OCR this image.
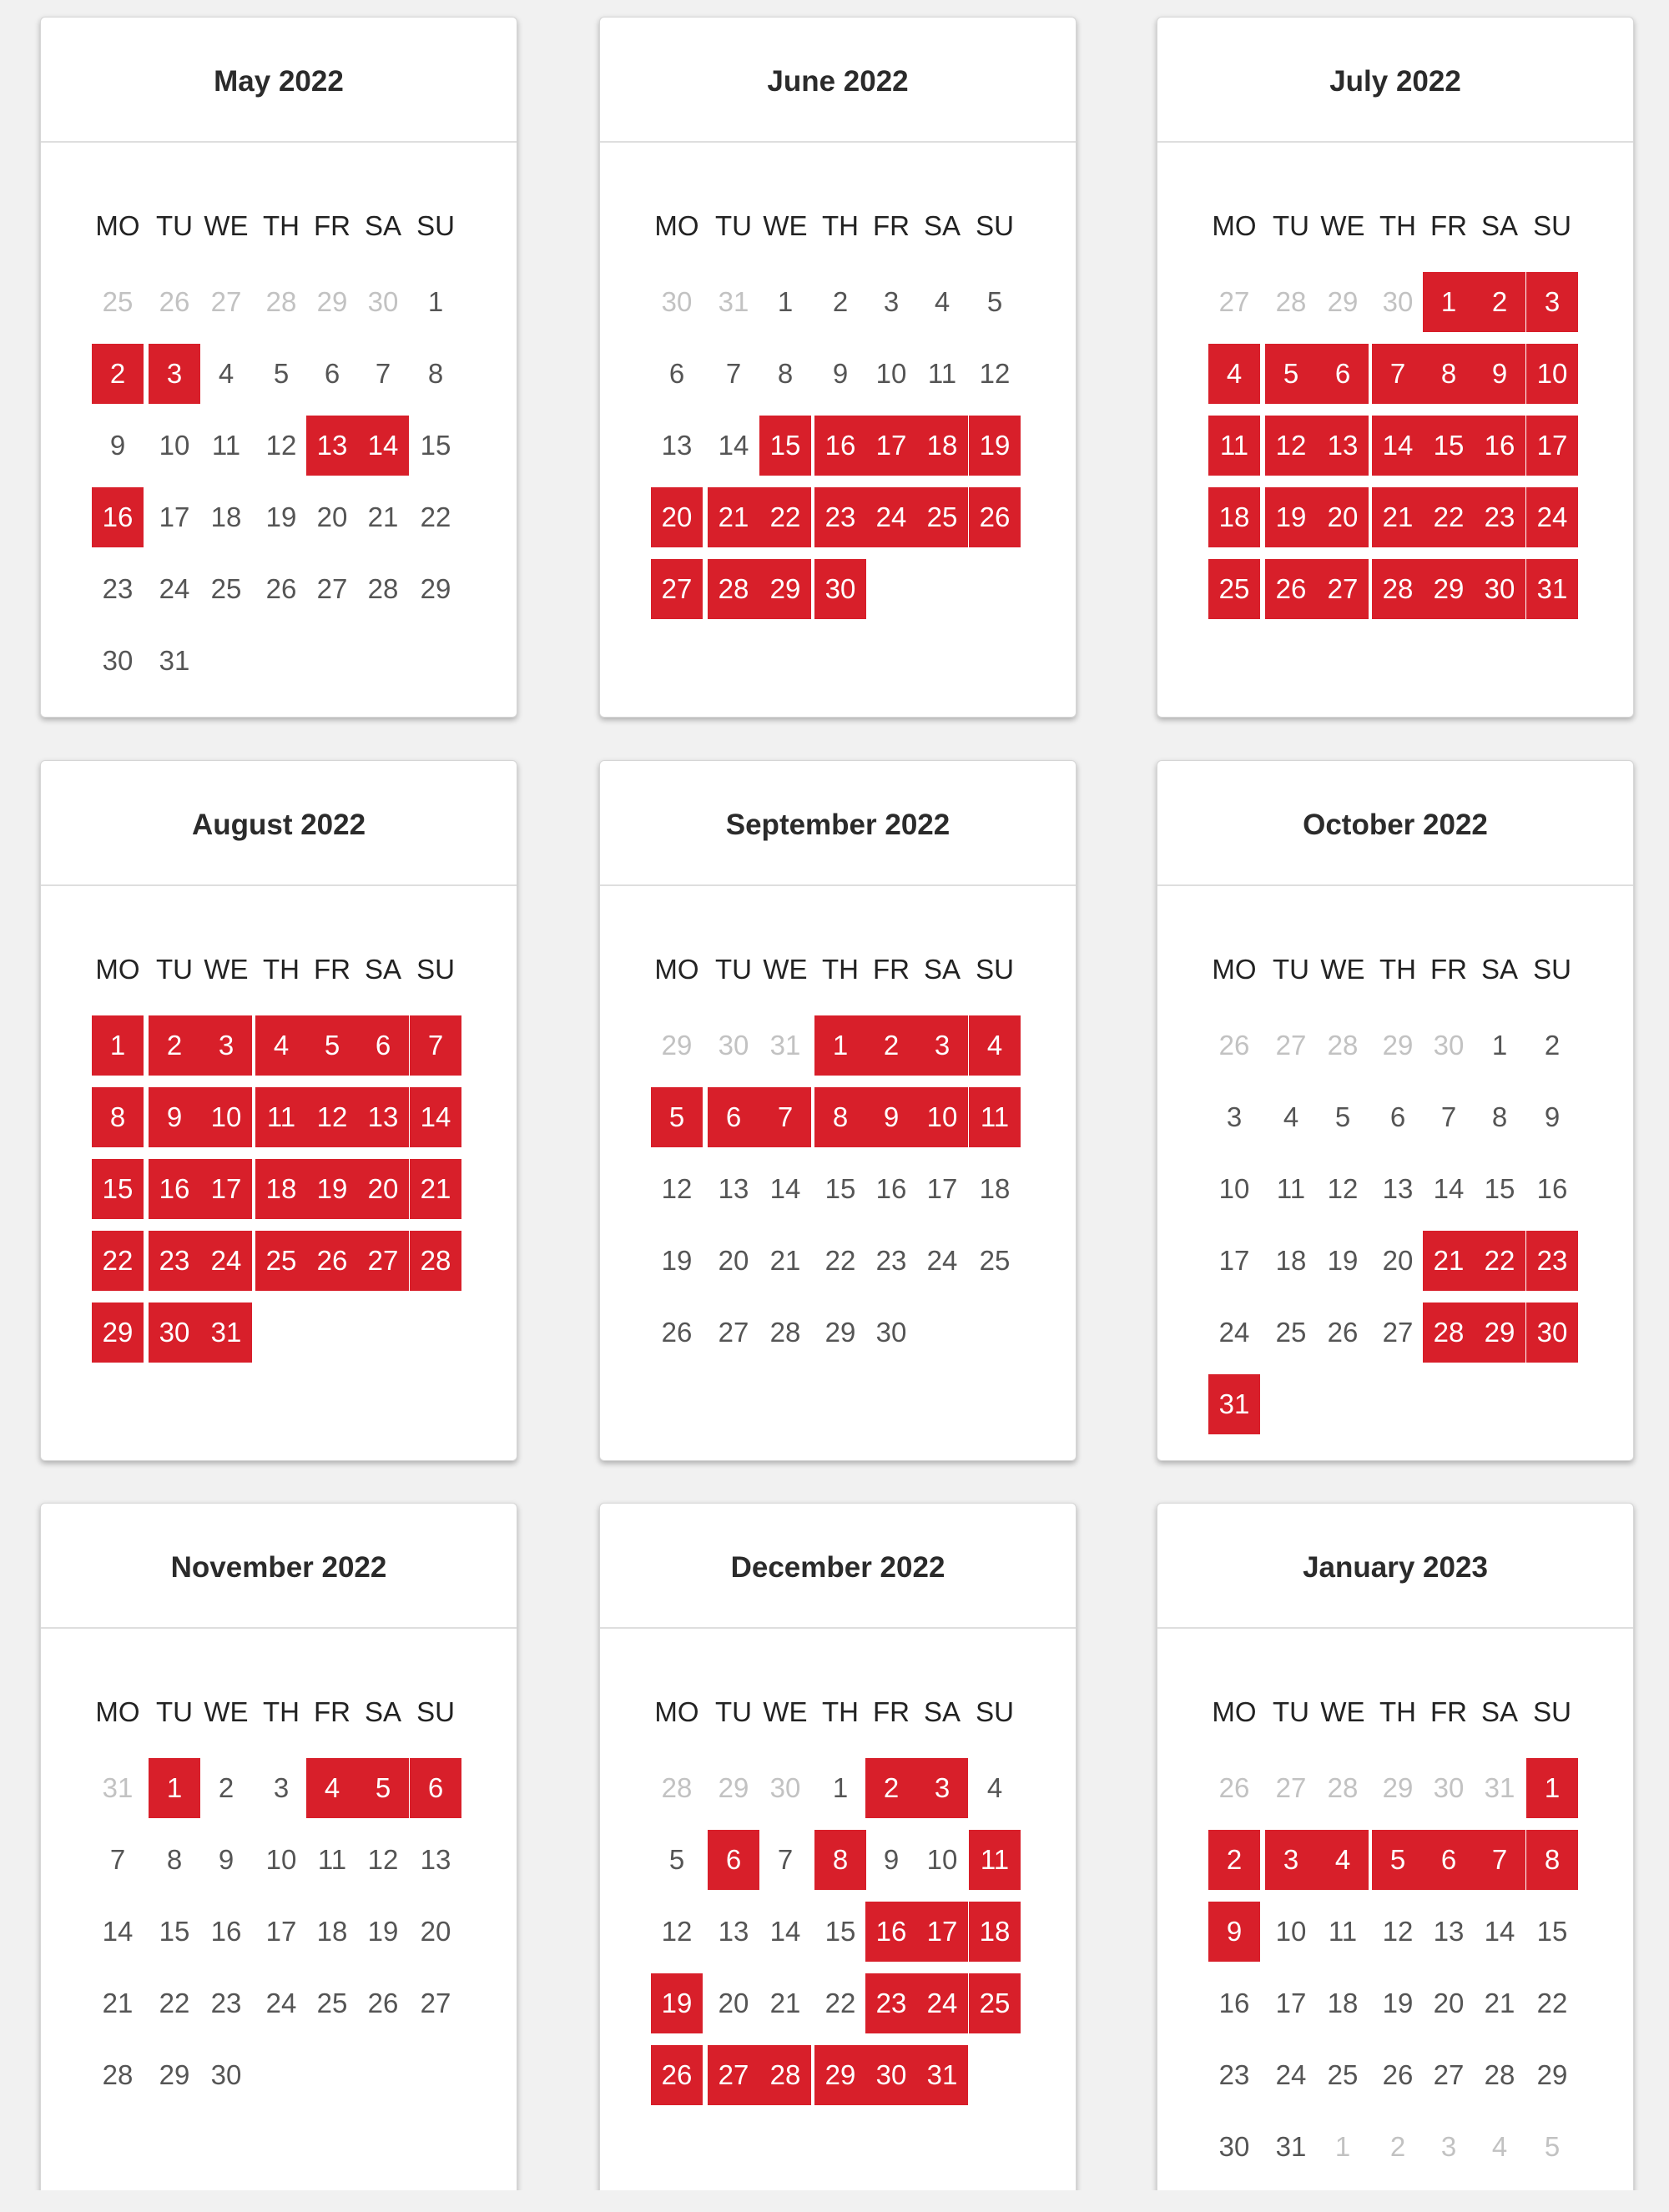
May 2022
MO TU WE TH FR SA SU
25 26 27 28 29 30	1
2	3	4	5	6	7	8
9	10 11 12 13 14 15
16 17 18 19 20 21 22
23 24 25 26 27 28 29
30 31
June 2022
MO TU WE TH FR SA SU
30 31	1	2	3	4	5
6	7	8	9	10 11 12
13 14 15 16 17 18 19
20 21 22 23 24 25 26
27 28 29 30
July 2022
MO TU WE TH FR SA SU
27 28 29 30	1	2	3
4	5	6	7	8	9	10
11 12 13 14 15 16 17
18 19 20 21 22 23 24
25 26 27 28 29 30 31
August 2022
MO TU WE TH FR SA SU
1	2	3	4	5	6	7
8	9	10 11 12 13 14
15 16 17 18 19 20 21
22 23 24 25 26 27 28
29 30 31
September 2022
MO TU WE TH FR SA SU
29 30 31	1	2	3	4
5	6	7	8	9	10 11
12 13 14 15 16 17 18
19 20 21 22 23 24 25
26 27 28 29 30
October 2022
MO TU WE TH FR SA SU
26 27 28 29 30	1	2
3	4	5	6	7	8	9
10 11 12 13 14 15 16
17 18 19 20 21 22 23
24 25 26 27 28 29 30
31
November 2022
MO TU WE TH FR SA SU
31	1	2	3	4	5	6
7	8	9	10 11 12 13
14 15 16 17 18 19 20
21 22 23 24 25 26 27
28 29 30
December 2022
MO TU WE TH FR SA SU
28 29 30	1	2	3	4
5	6	7	8	9	10 11
12 13 14 15 16 17 18
19 20 21 22 23 24 25
26 27 28 29 30 31
January 2023
MO TU WE TH FR SA SU
26 27 28 29 30 31	1
2	3	4	5	6	7	8
9	10 11 12 13 14 15
16 17 18 19 20 21 22
23 24 25 26 27 28 29
30 31	1	2	3	4	5
